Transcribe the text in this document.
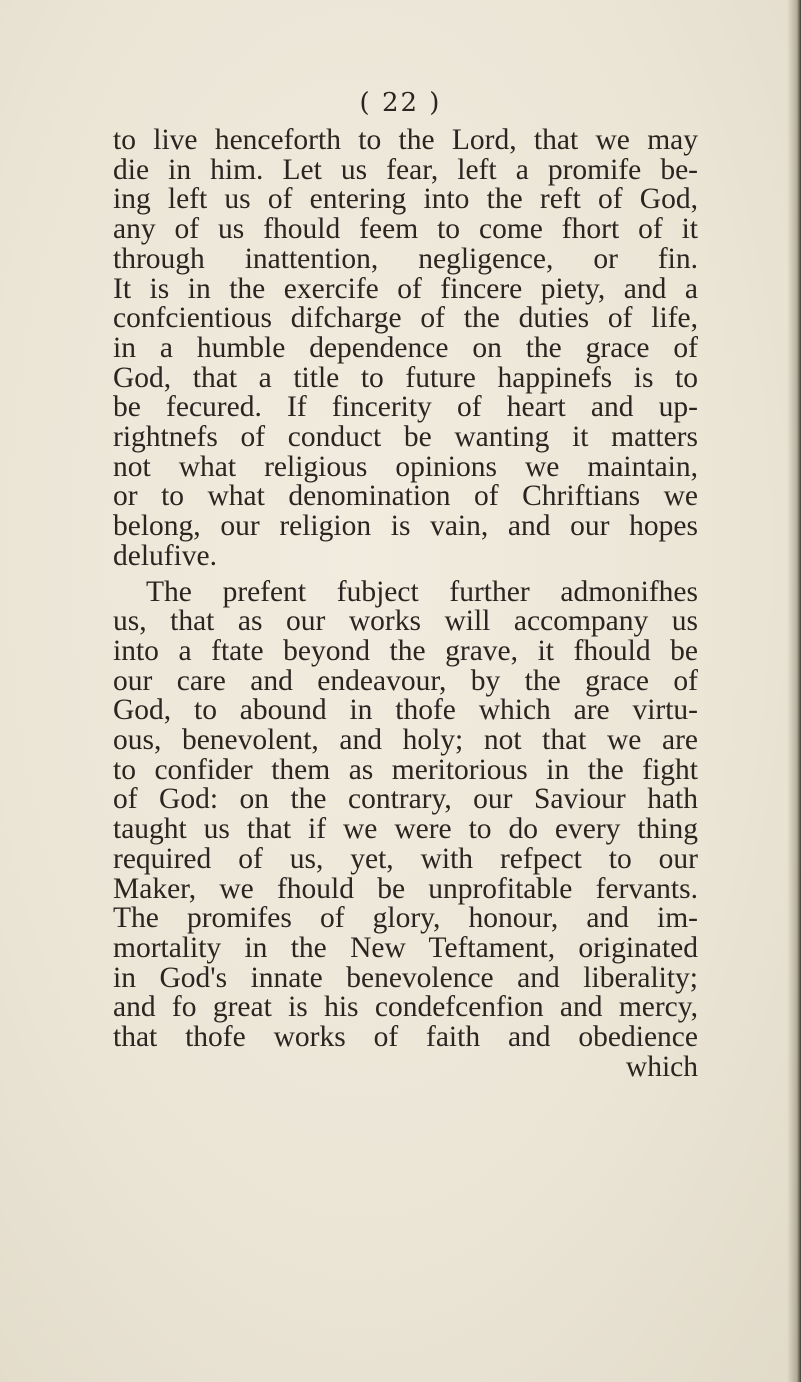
( 22 )
to live henceforth to the Lord, that we may
die in him. Let us fear, left a promife be-
ing left us of entering into the reft of God,
any of us fhould feem to come fhort of it
through inattention, negligence, or fin.
It is in the exercife of fincere piety, and a
confcientious difcharge of the duties of life,
in a humble dependence on the grace of
God, that a title to future happinefs is to
be fecured. If fincerity of heart and up-
rightnefs of conduct be wanting it matters
not what religious opinions we maintain,
or to what denomination of Chriftians we
belong, our religion is vain, and our hopes
delufive.
The prefent fubject further admonifhes
us, that as our works will accompany us
into a ftate beyond the grave, it fhould be
our care and endeavour, by the grace of
God, to abound in thofe which are virtu-
ous, benevolent, and holy; not that we are
to confider them as meritorious in the fight
of God: on the contrary, our Saviour hath
taught us that if we were to do every thing
required of us, yet, with refpect to our
Maker, we fhould be unprofitable fervants.
The promifes of glory, honour, and im-
mortality in the New Teftament, originated
in God's innate benevolence and liberality;
and fo great is his condefcenfion and mercy,
that thofe works of faith and obedience
which
